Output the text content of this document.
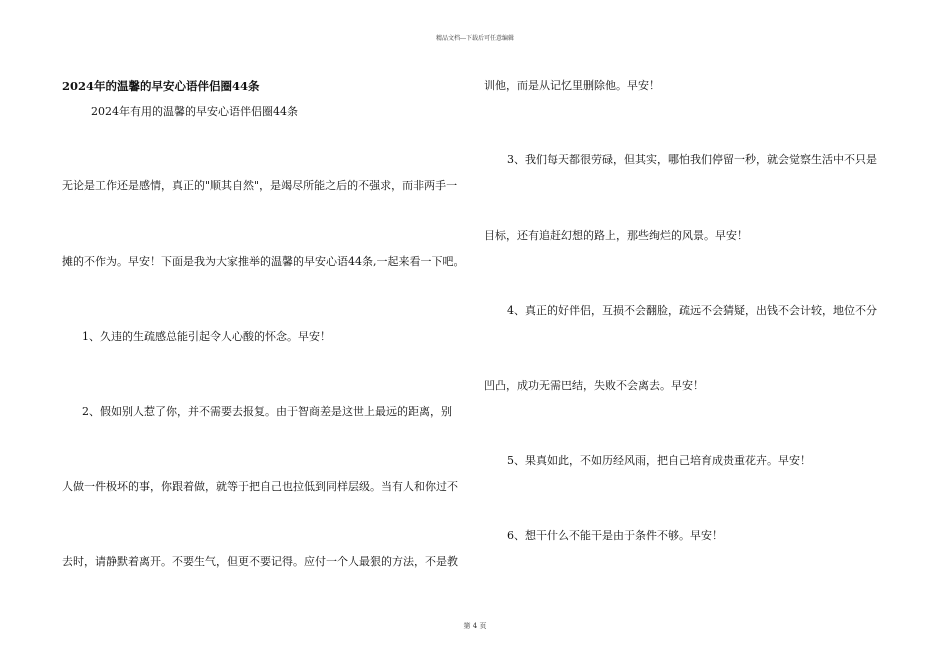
精品文档---下载后可任意编辑
2024年的温馨的早安心语伴侣圈44条
2024年有用的温馨的早安心语伴侣圈44条
无论是工作还是感情，真正的"顺其自然"，是竭尽所能之后的不强求，而非两手一
摊的不作为。早安！下面是我为大家推举的温馨的早安心语44条,一起来看一下吧。
1、久违的生疏感总能引起令人心酸的怀念。早安！
2、假如别人惹了你，并不需要去报复。由于智商差是这世上最远的距离，别
人做一件极坏的事，你跟着做，就等于把自己也拉低到同样层级。当有人和你过不
去时，请静默着离开。不要生气，但更不要记得。应付一个人最狠的方法，不是教
训他，而是从记忆里删除他。早安！
3、我们每天都很劳碌，但其实，哪怕我们停留一秒，就会觉察生活中不只是
目标，还有追赶幻想的路上，那些绚烂的风景。早安！
4、真正的好伴侣，互损不会翻脸，疏远不会猜疑，出钱不会计较，地位不分
凹凸，成功无需巴结，失败不会离去。早安！
5、果真如此，不如历经风雨，把自己培育成贵重花卉。早安！
6、想干什么不能干是由于条件不够。早安！
第 4 页
